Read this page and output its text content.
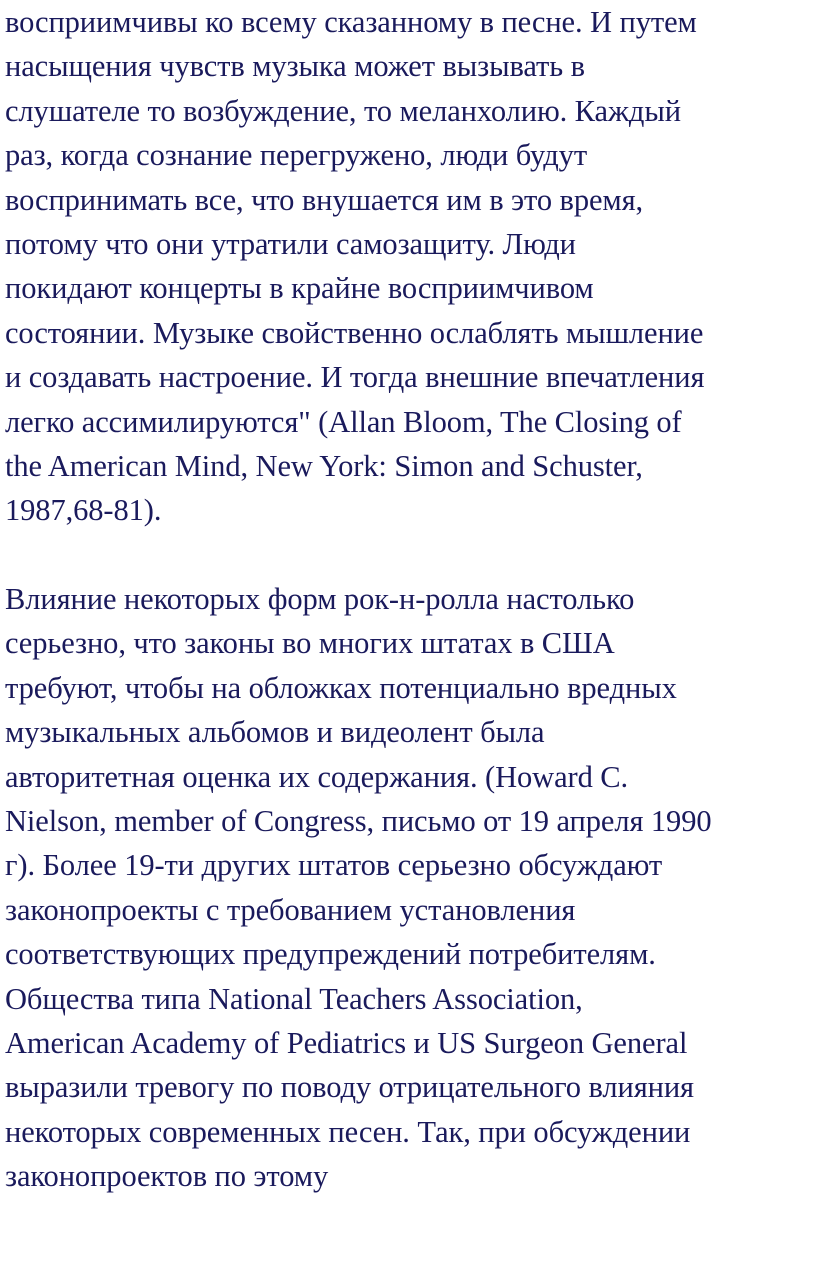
восприимчивы ко всему сказанному в песне. И путем
насыщения чувств музыка может вызывать в
слушателе то возбуждение, то меланхолию. Каждый
раз, когда сознание перегружено, люди будут
воспринимать все, что внушается им в это время,
потому что они утратили самозащиту. Люди
покидают концерты в крайне восприимчивом
состоянии. Музыке свойственно ослаблять мышление
и создавать настроение. И тогда внешние впечатления
легко ассимилируются" (Allan Bloom, The Closing of
the American Mind, New York: Simon and Schuster,
1987,68-81).
Влияние некоторых форм рок-н-ролла настолько
серьезно, что законы во многих штатах в США
требуют, чтобы на обложках потенциально вредных
музыкальных альбомов и видеолент была
авторитетная оценка их содержания. (Howard C.
Nielson, member of Congress, письмо от 19 апреля 1990
г). Более 19-ти других штатов серьезно обсуждают
законопроекты с требованием установления
соответствующих предупреждений потребителям.
Общества типа National Teachers Association,
American Academy of Pediatrics и US Surgeon General
выразили тревогу по поводу отрицательного влияния
некоторых современных песен. Так, при обсуждении
законопроектов по этому
